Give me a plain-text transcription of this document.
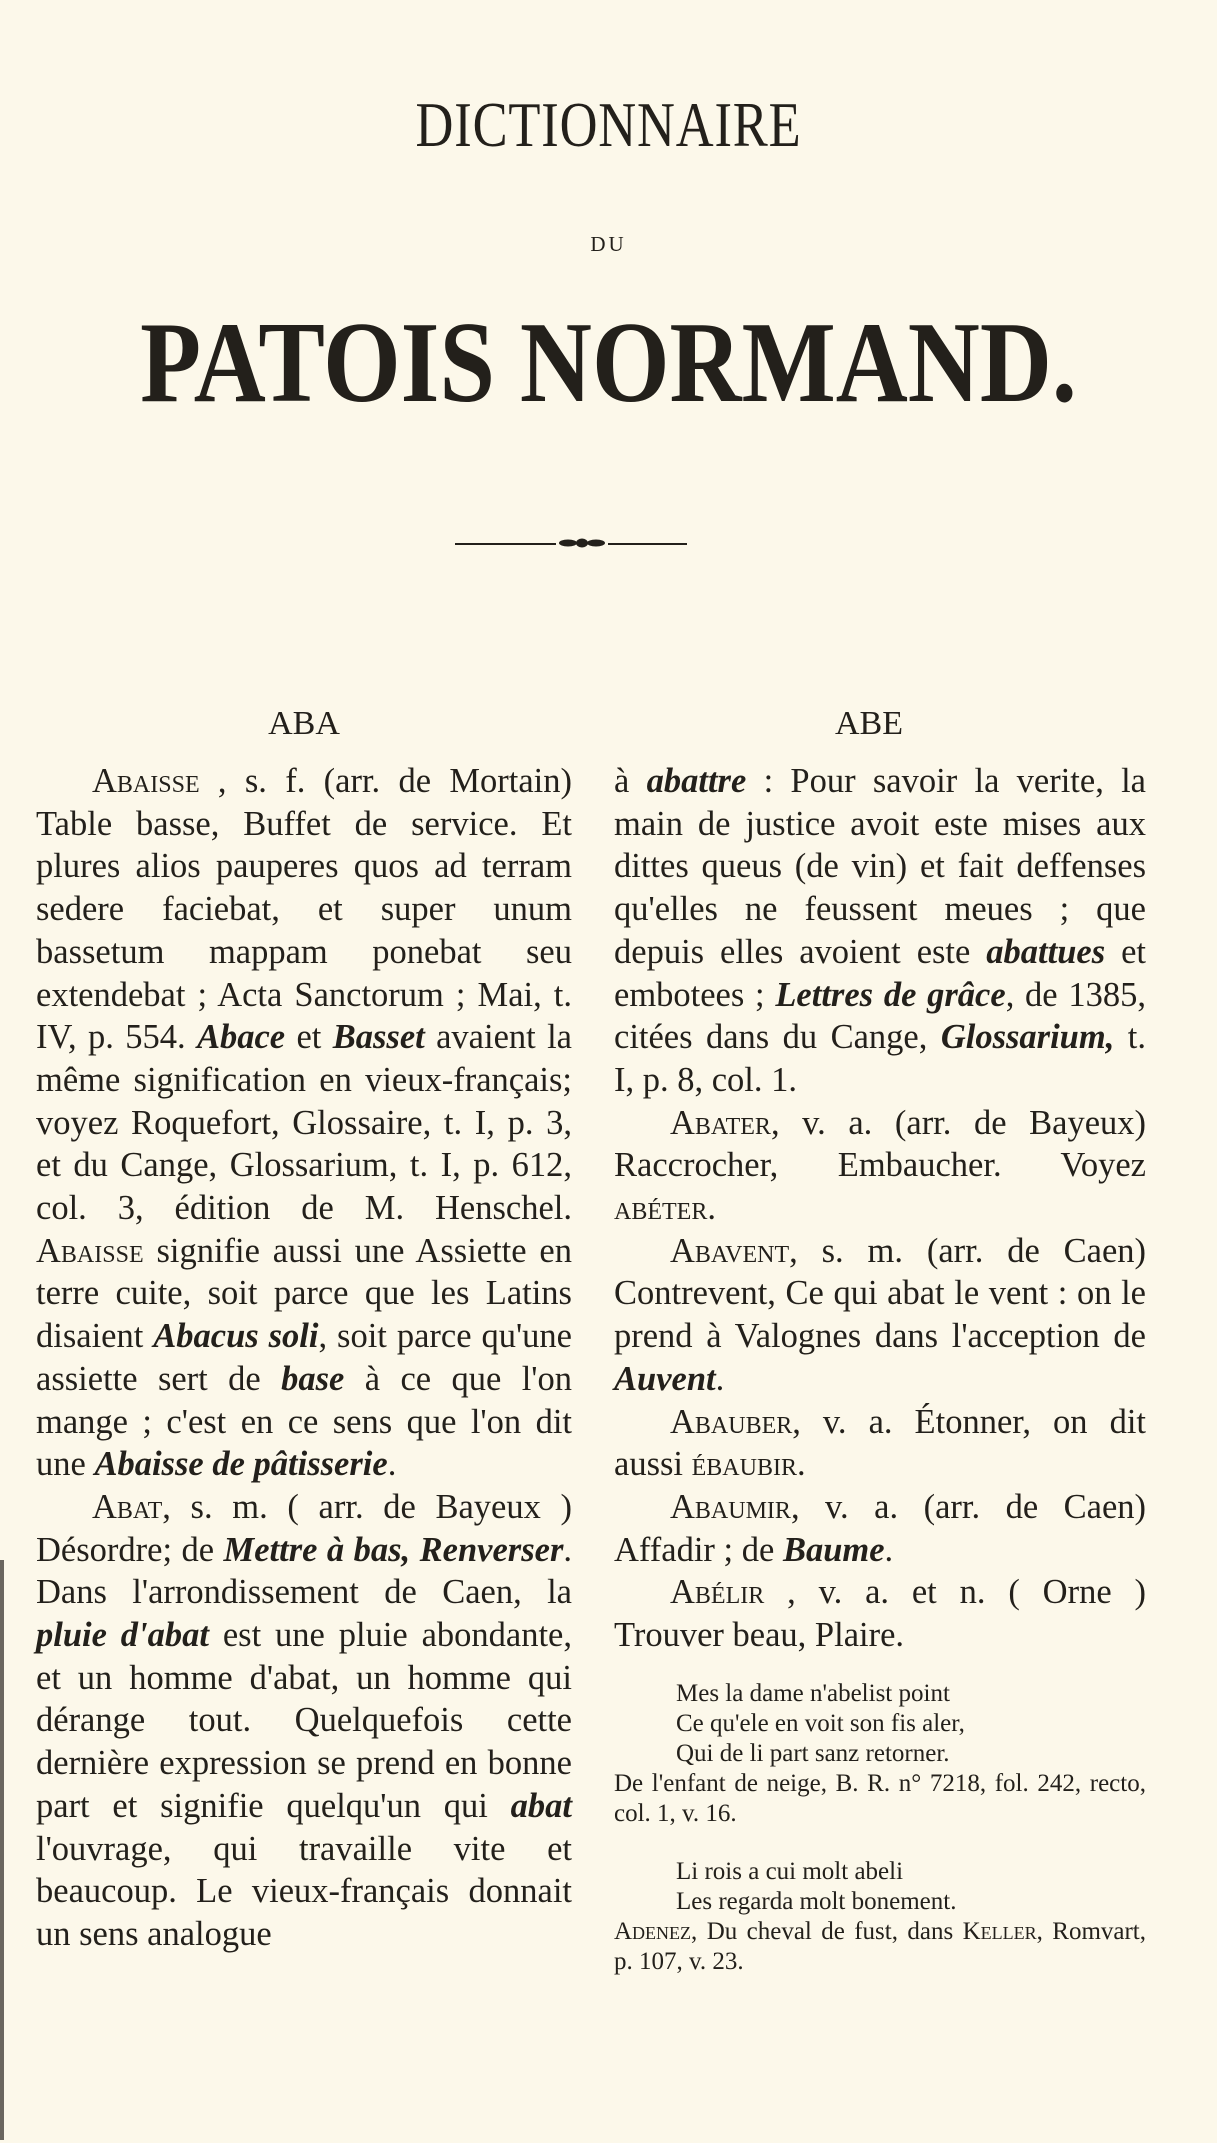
DICTIONNAIRE
DU
PATOIS NORMAND.
ABA	ABE

Abaisse , s. f. (arr. de Mortain) Table basse, Buffet de service. Et plures alios pauperes quos ad terram sedere faciebat, et super unum bassetum mappam ponebat seu extendebat ; Acta Sanctorum ; Mai, t. IV, p. 554. Abace et Basset avaient la même signification en vieux-français; voyez Roquefort, Glossaire, t. I, p. 3, et du Cange, Glossarium, t. I, p. 612, col. 3, édition de M. Henschel. Abaisse signifie aussi une Assiette en terre cuite, soit parce que les Latins disaient Abacus soli, soit parce qu'une assiette sert de base à ce que l'on mange ; c'est en ce sens que l'on dit une Abaisse de pâtisserie.

Abat, s. m. ( arr. de Bayeux ) Désordre; de Mettre à bas, Renverser. Dans l'arrondissement de Caen, la pluie d'abat est une pluie abondante, et un homme d'abat, un homme qui dérange tout. Quelquefois cette dernière expression se prend en bonne part et signifie quelqu'un qui abat l'ouvrage, qui travaille vite et beaucoup. Le vieux-français donnait un sens analogue

à abattre : Pour savoir la verite, la main de justice avoit este mises aux dittes queus (de vin) et fait deffenses qu'elles ne feussent meues ; que depuis elles avoient este abattues et emboteеs ; Lettres de grâce, de 1385, citées dans du Cange, Glossarium, t. I, p. 8, col. 1.

Abater, v. a. (arr. de Bayeux) Raccrocher, Embaucher. Voyez abéter.

Abavent, s. m. (arr. de Caen) Contrevent, Ce qui abat le vent : on le prend à Valognes dans l'acception de Auvent.

Abauber, v. a. Étonner, on dit aussi ébaubir.

Abaumir, v. a. (arr. de Caen) Affadir ; de Baume.

Abélir , v. a. et n. ( Orne ) Trouver beau, Plaire.

Mes la dame n'abelist point
Ce qu'ele en voit son fis aler,
Qui de li part sanz retorner.

De l'enfant de neige, B. R. n° 7218, fol. 242, recto, col. 1, v. 16.

Li rois a cui molt abeli
Les regarda molt bonement.

Adenez, Du cheval de fust, dans Keller, Romvart, p. 107, v. 23.
